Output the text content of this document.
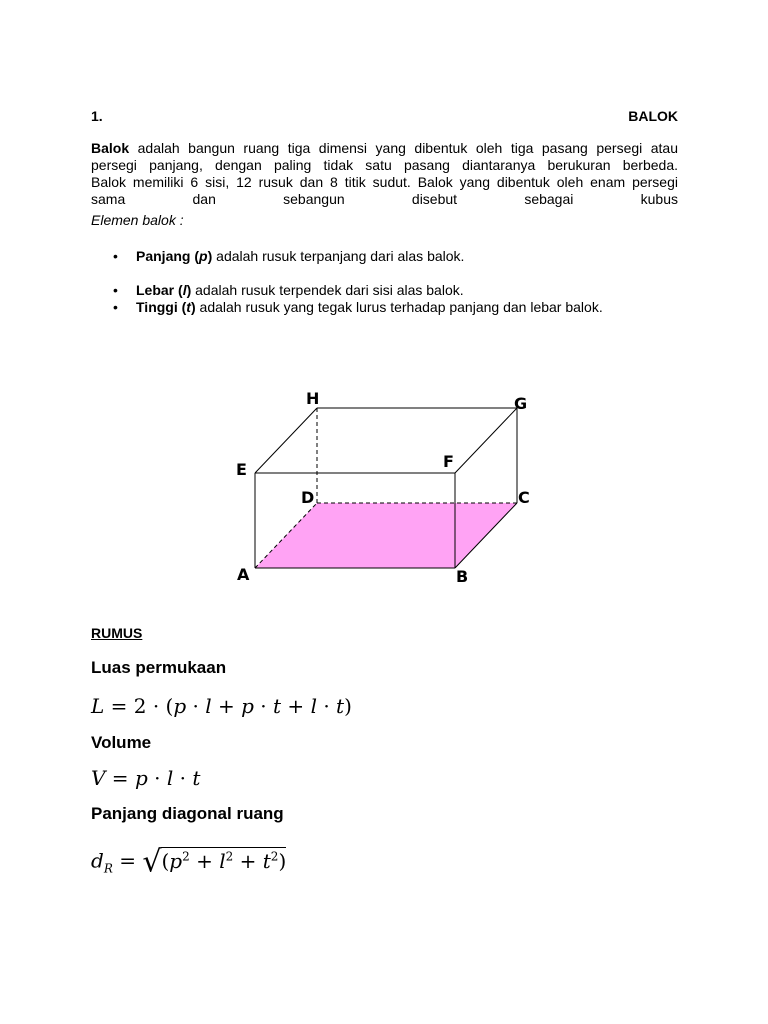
1.	BALOK
Balok adalah bangun ruang tiga dimensi yang dibentuk oleh tiga pasang persegi atau
persegi panjang, dengan paling tidak satu pasang diantaranya berukuran berbeda.
Balok memiliki 6 sisi, 12 rusuk dan 8 titik sudut. Balok yang dibentuk oleh enam persegi
sama dan sebangun disebut sebagai kubus
Elemen balok :
• Panjang (p) adalah rusuk terpanjang dari alas balok.
• Lebar (l) adalah rusuk terpendek dari sisi alas balok.
• Tinggi (t) adalah rusuk yang tegak lurus terhadap panjang dan lebar balok.
A	B
C
D
E	F
G
H
RUMUS
Luas permukaan
L = 2 · (p · l + p · t + l · t)
Volume
V = p · l · t
Panjang diagonal ruang
$d_R = √(p^2 + l^2 + t^2)$
